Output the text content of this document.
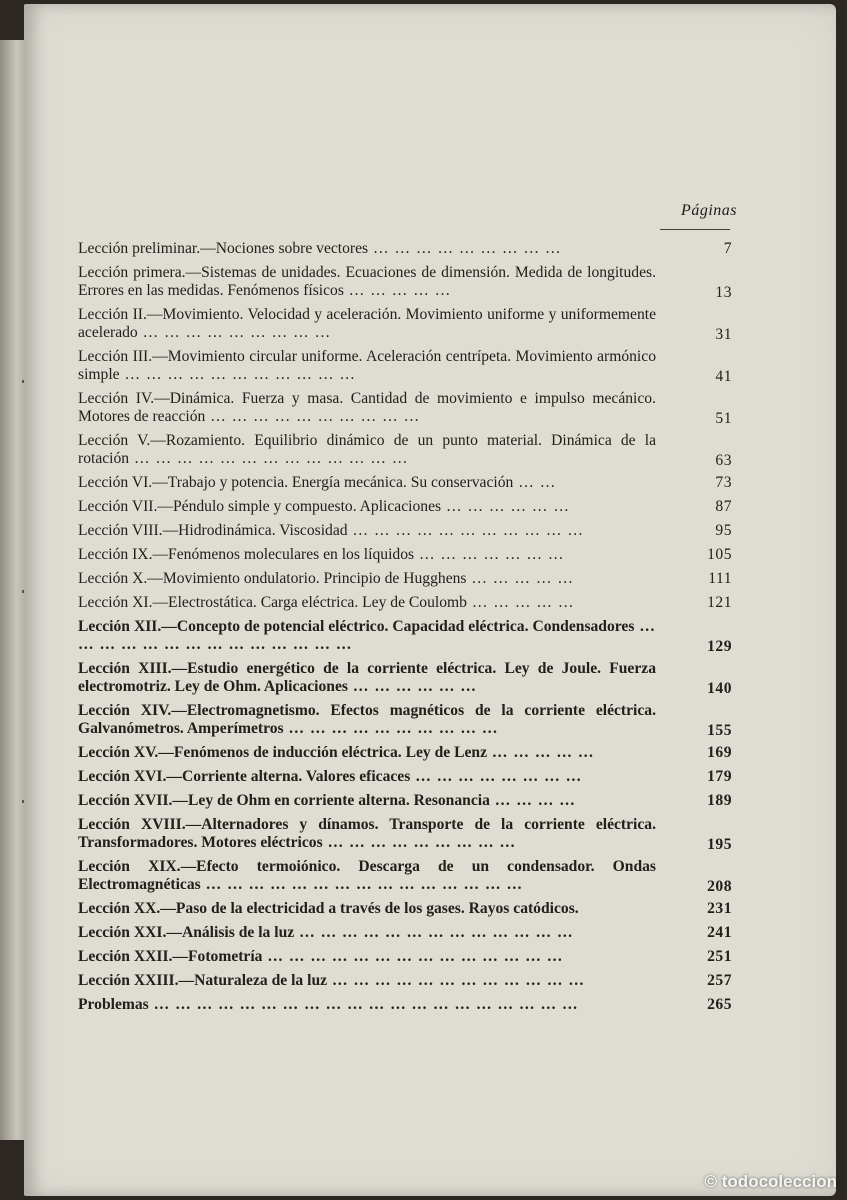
Páginas
Lección preliminar.—Nociones sobre vectores … … … … … … … … …	7
Lección primera.—Sistemas de unidades. Ecuaciones de dimensión. Medida de longitudes. Errores en las medidas. Fenómenos físicos … … … … …	13
Lección II.—Movimiento. Velocidad y aceleración. Movimiento uniforme y uniformemente acelerado … … … … … … … … …	31
Lección III.—Movimiento circular uniforme. Aceleración centrípeta. Movimiento armónico simple … … … … … … … … … … …	41
Lección IV.—Dinámica. Fuerza y masa. Cantidad de movimiento e impulso mecánico. Motores de reacción … … … … … … … … … …	51
Lección V.—Rozamiento. Equilibrio dinámico de un punto material. Dinámica de la rotación … … … … … … … … … … … … …	63
Lección VI.—Trabajo y potencia. Energía mecánica. Su conservación … …	73
Lección VII.—Péndulo simple y compuesto. Aplicaciones … … … … … …	87
Lección VIII.—Hidrodinámica. Viscosidad … … … … … … … … … … …	95
Lección IX.—Fenómenos moleculares en los líquidos … … … … … … …	105
Lección X.—Movimiento ondulatorio. Principio de Hugghens … … … … …	111
Lección XI.—Electrostática. Carga eléctrica. Ley de Coulomb … … … … …	121
Lección XII.—Concepto de potencial eléctrico. Capacidad eléctrica. Condensadores … … … … … … … … … … … … … …	129
Lección XIII.—Estudio energético de la corriente eléctrica. Ley de Joule. Fuerza electromotriz. Ley de Ohm. Aplicaciones … … … … … …	140
Lección XIV.—Electromagnetismo. Efectos magnéticos de la corriente eléctrica. Galvanómetros. Amperímetros … … … … … … … … … …	155
Lección XV.—Fenómenos de inducción eléctrica. Ley de Lenz … … … … …	169
Lección XVI.—Corriente alterna. Valores eficaces … … … … … … … …	179
Lección XVII.—Ley de Ohm en corriente alterna. Resonancia … … … …	189
Lección XVIII.—Alternadores y dínamos. Transporte de la corriente eléctrica. Transformadores. Motores eléctricos … … … … … … … … …	195
Lección XIX.—Efecto termoiónico. Descarga de un condensador. Ondas Electromagnéticas … … … … … … … … … … … … … … …	208
Lección XX.—Paso de la electricidad a través de los gases. Rayos catódicos.	231
Lección XXI.—Análisis de la luz … … … … … … … … … … … … …	241
Lección XXII.—Fotometría … … … … … … … … … … … … … …	251
Lección XXIII.—Naturaleza de la luz … … … … … … … … … … … …	257
Problemas … … … … … … … … … … … … … … … … … … … …	265
© todocoleccion
